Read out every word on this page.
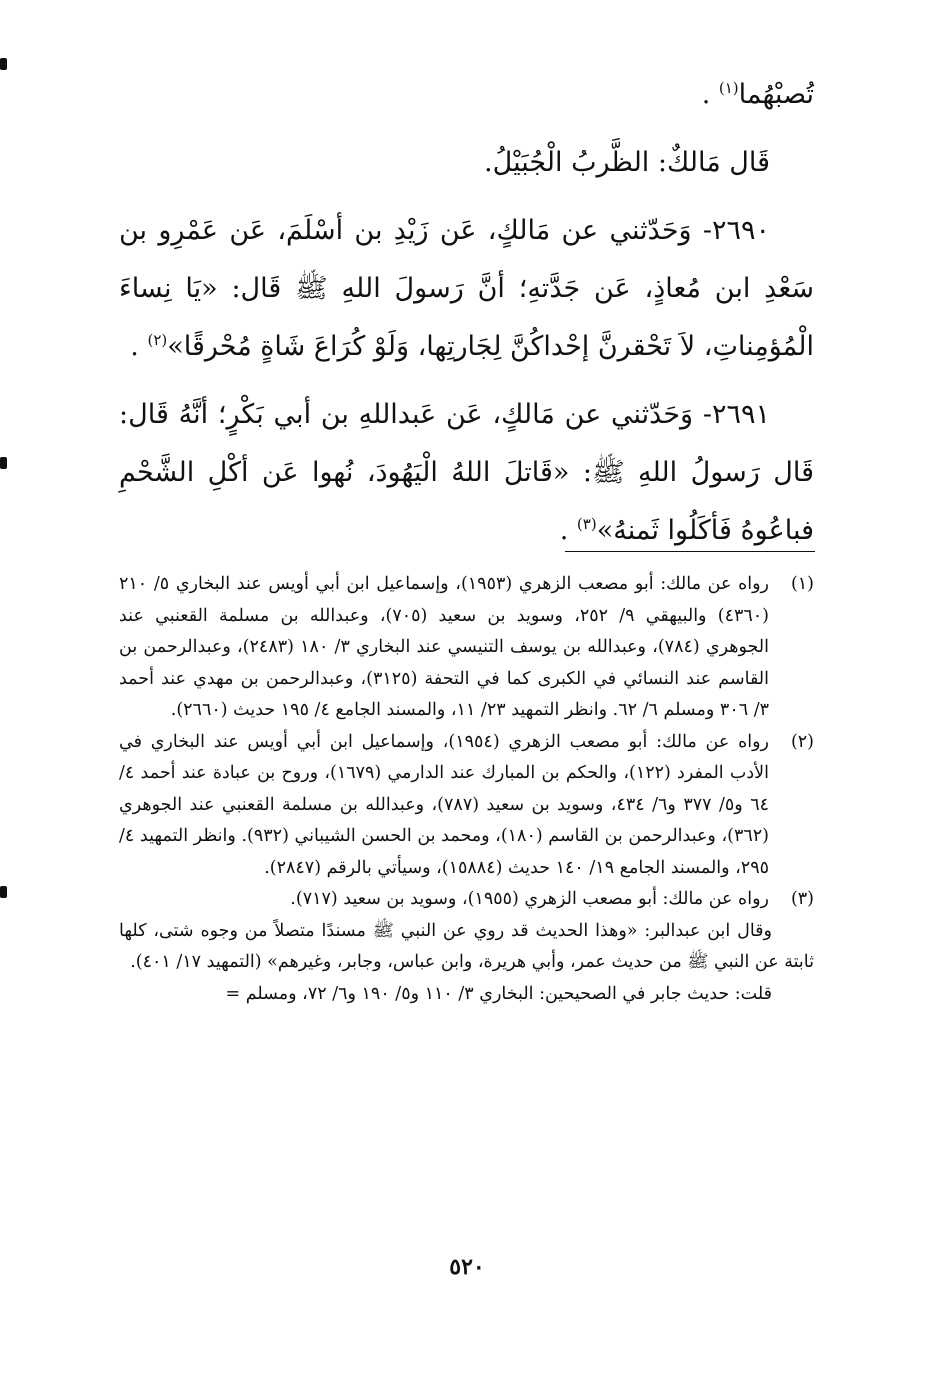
تُصبْهُما$^{(١)}$ .

قَال مَالكٌ: الظَّربُ الْجُبَيْلُ.

٢٦٩٠- وَحَدّثني عن مَالكٍ، عَن زَيْدِ بن أسْلَمَ، عَن عَمْرِو بن سَعْدِ ابن مُعاذٍ، عَن جَدَّتهِ؛ أنَّ رَسولَ اللهِ ﷺ قَال: «يَا نِساءَ الْمُؤمِناتِ، لاَ تَحْقرنَّ إحْداكُنَّ لِجَارتِها، وَلَوْ كُرَاعَ شَاةٍ مُحْرقًا»$^{(٢)}$ .

٢٦٩١- وَحَدّثني عن مَالكٍ، عَن عَبداللهِ بن أبي بَكْرٍ؛ أنَّهُ قَال: قَال رَسولُ اللهِ ﷺ: «قَاتلَ اللهُ الْيَهُودَ، نُهوا عَن أكْلِ الشَّحْمِ فباعُوهُ فَأكَلُوا ثَمنهُ»$^{(٣)}$ .

(١)

رواه عن مالك: أبو مصعب الزهري (١٩٥٣)، وإسماعيل ابن أبي أويس عند البخاري ٥/ ٢١٠ (٤٣٦٠) والبيهقي ٩/ ٢٥٢، وسويد بن سعيد (٧٠٥)، وعبدالله بن مسلمة القعنبي عند الجوهري (٧٨٤)، وعبدالله بن يوسف التنيسي عند البخاري ٣/ ١٨٠ (٢٤٨٣)، وعبدالرحمن بن القاسم عند النسائي في الكبرى كما في التحفة (٣١٢٥)، وعبدالرحمن بن مهدي عند أحمد ٣/ ٣٠٦ ومسلم ٦/ ٦٢. وانظر التمهيد ٢٣/ ١١، والمسند الجامع ٤/ ١٩٥ حديث (٢٦٦٠).

(٢)

رواه عن مالك: أبو مصعب الزهري (١٩٥٤)، وإسماعيل ابن أبي أويس عند البخاري في الأدب المفرد (١٢٢)، والحكم بن المبارك عند الدارمي (١٦٧٩)، وروح بن عبادة عند أحمد ٤/ ٦٤ و٥/ ٣٧٧ و٦/ ٤٣٤، وسويد بن سعيد (٧٨٧)، وعبدالله بن مسلمة القعنبي عند الجوهري (٣٦٢)، وعبدالرحمن بن القاسم (١٨٠)، ومحمد بن الحسن الشيباني (٩٣٢). وانظر التمهيد ٤/ ٢٩٥، والمسند الجامع ١٩/ ١٤٠ حديث (١٥٨٨٤)، وسيأتي بالرقم (٢٨٤٧).

(٣)

رواه عن مالك: أبو مصعب الزهري (١٩٥٥)، وسويد بن سعيد (٧١٧).

وقال ابن عبدالبر: «وهذا الحديث قد روي عن النبي ﷺ مسندًا متصلاً من وجوه شتى، كلها ثابتة عن النبي ﷺ من حديث عمر، وأبي هريرة، وابن عباس، وجابر، وغيرهم» (التمهيد ١٧/ ٤٠١).

قلت: حديث جابر في الصحيحين: البخاري ٣/ ١١٠ و٥/ ١٩٠ و٦/ ٧٢، ومسلم =

٥٢٠
